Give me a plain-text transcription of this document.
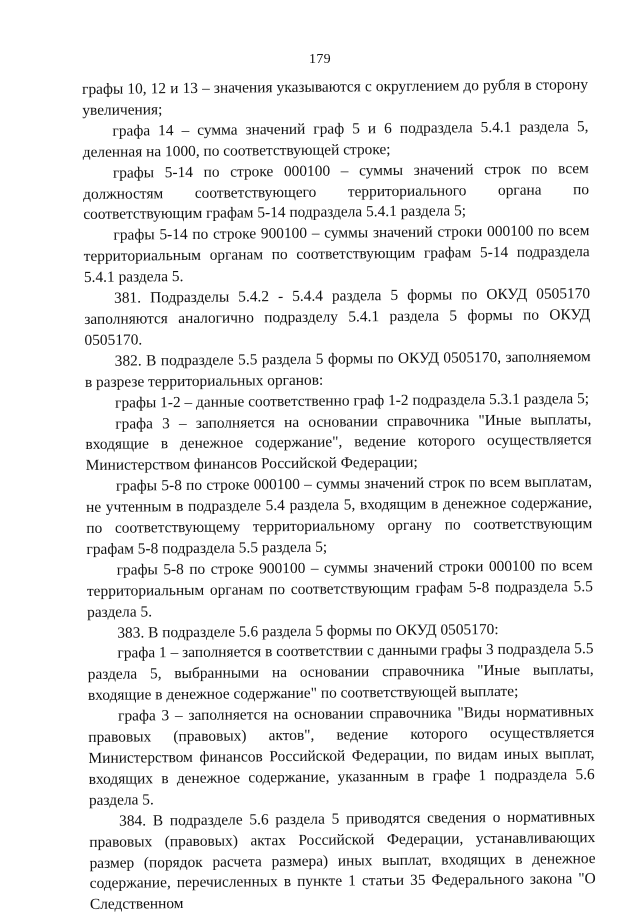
179

графы 10, 12 и 13 – значения указываются с округлением до рубля в сторону увеличения;

графа 14 – сумма значений граф 5 и 6 подраздела 5.4.1 раздела 5, деленная на 1000, по соответствующей строке;

графы 5-14 по строке 000100 – суммы значений строк по всем должностям соответствующего территориального органа по соответствующим графам 5-14 подраздела 5.4.1 раздела 5;

графы 5-14 по строке 900100 – суммы значений строки 000100 по всем территориальным органам по соответствующим графам 5-14 подраздела 5.4.1 раздела 5.

381. Подразделы 5.4.2 - 5.4.4 раздела 5 формы по ОКУД 0505170 заполняются аналогично подразделу 5.4.1 раздела 5 формы по ОКУД 0505170.

382. В подразделе 5.5 раздела 5 формы по ОКУД 0505170, заполняемом в разрезе территориальных органов:

графы 1-2 – данные соответственно граф 1-2 подраздела 5.3.1 раздела 5;

графа 3 – заполняется на основании справочника "Иные выплаты, входящие в денежное содержание", ведение которого осуществляется Министерством финансов Российской Федерации;

графы 5-8 по строке 000100 – суммы значений строк по всем выплатам, не учтенным в подразделе 5.4 раздела 5, входящим в денежное содержание, по соответствующему территориальному органу по соответствующим графам 5-8 подраздела 5.5 раздела 5;

графы 5-8 по строке 900100 – суммы значений строки 000100 по всем территориальным органам по соответствующим графам 5-8 подраздела 5.5 раздела 5.

383. В подразделе 5.6 раздела 5 формы по ОКУД 0505170:

графа 1 – заполняется в соответствии с данными графы 3 подраздела 5.5 раздела 5, выбранными на основании справочника "Иные выплаты, входящие в денежное содержание" по соответствующей выплате;

графа 3 – заполняется на основании справочника "Виды нормативных правовых (правовых) актов", ведение которого осуществляется Министерством финансов Российской Федерации, по видам иных выплат, входящих в денежное содержание, указанным в графе 1 подраздела 5.6 раздела 5.

384. В подразделе 5.6 раздела 5 приводятся сведения о нормативных правовых (правовых) актах Российской Федерации, устанавливающих размер (порядок расчета размера) иных выплат, входящих в денежное содержание, перечисленных в пункте 1 статьи 35 Федерального закона "О Следственном
